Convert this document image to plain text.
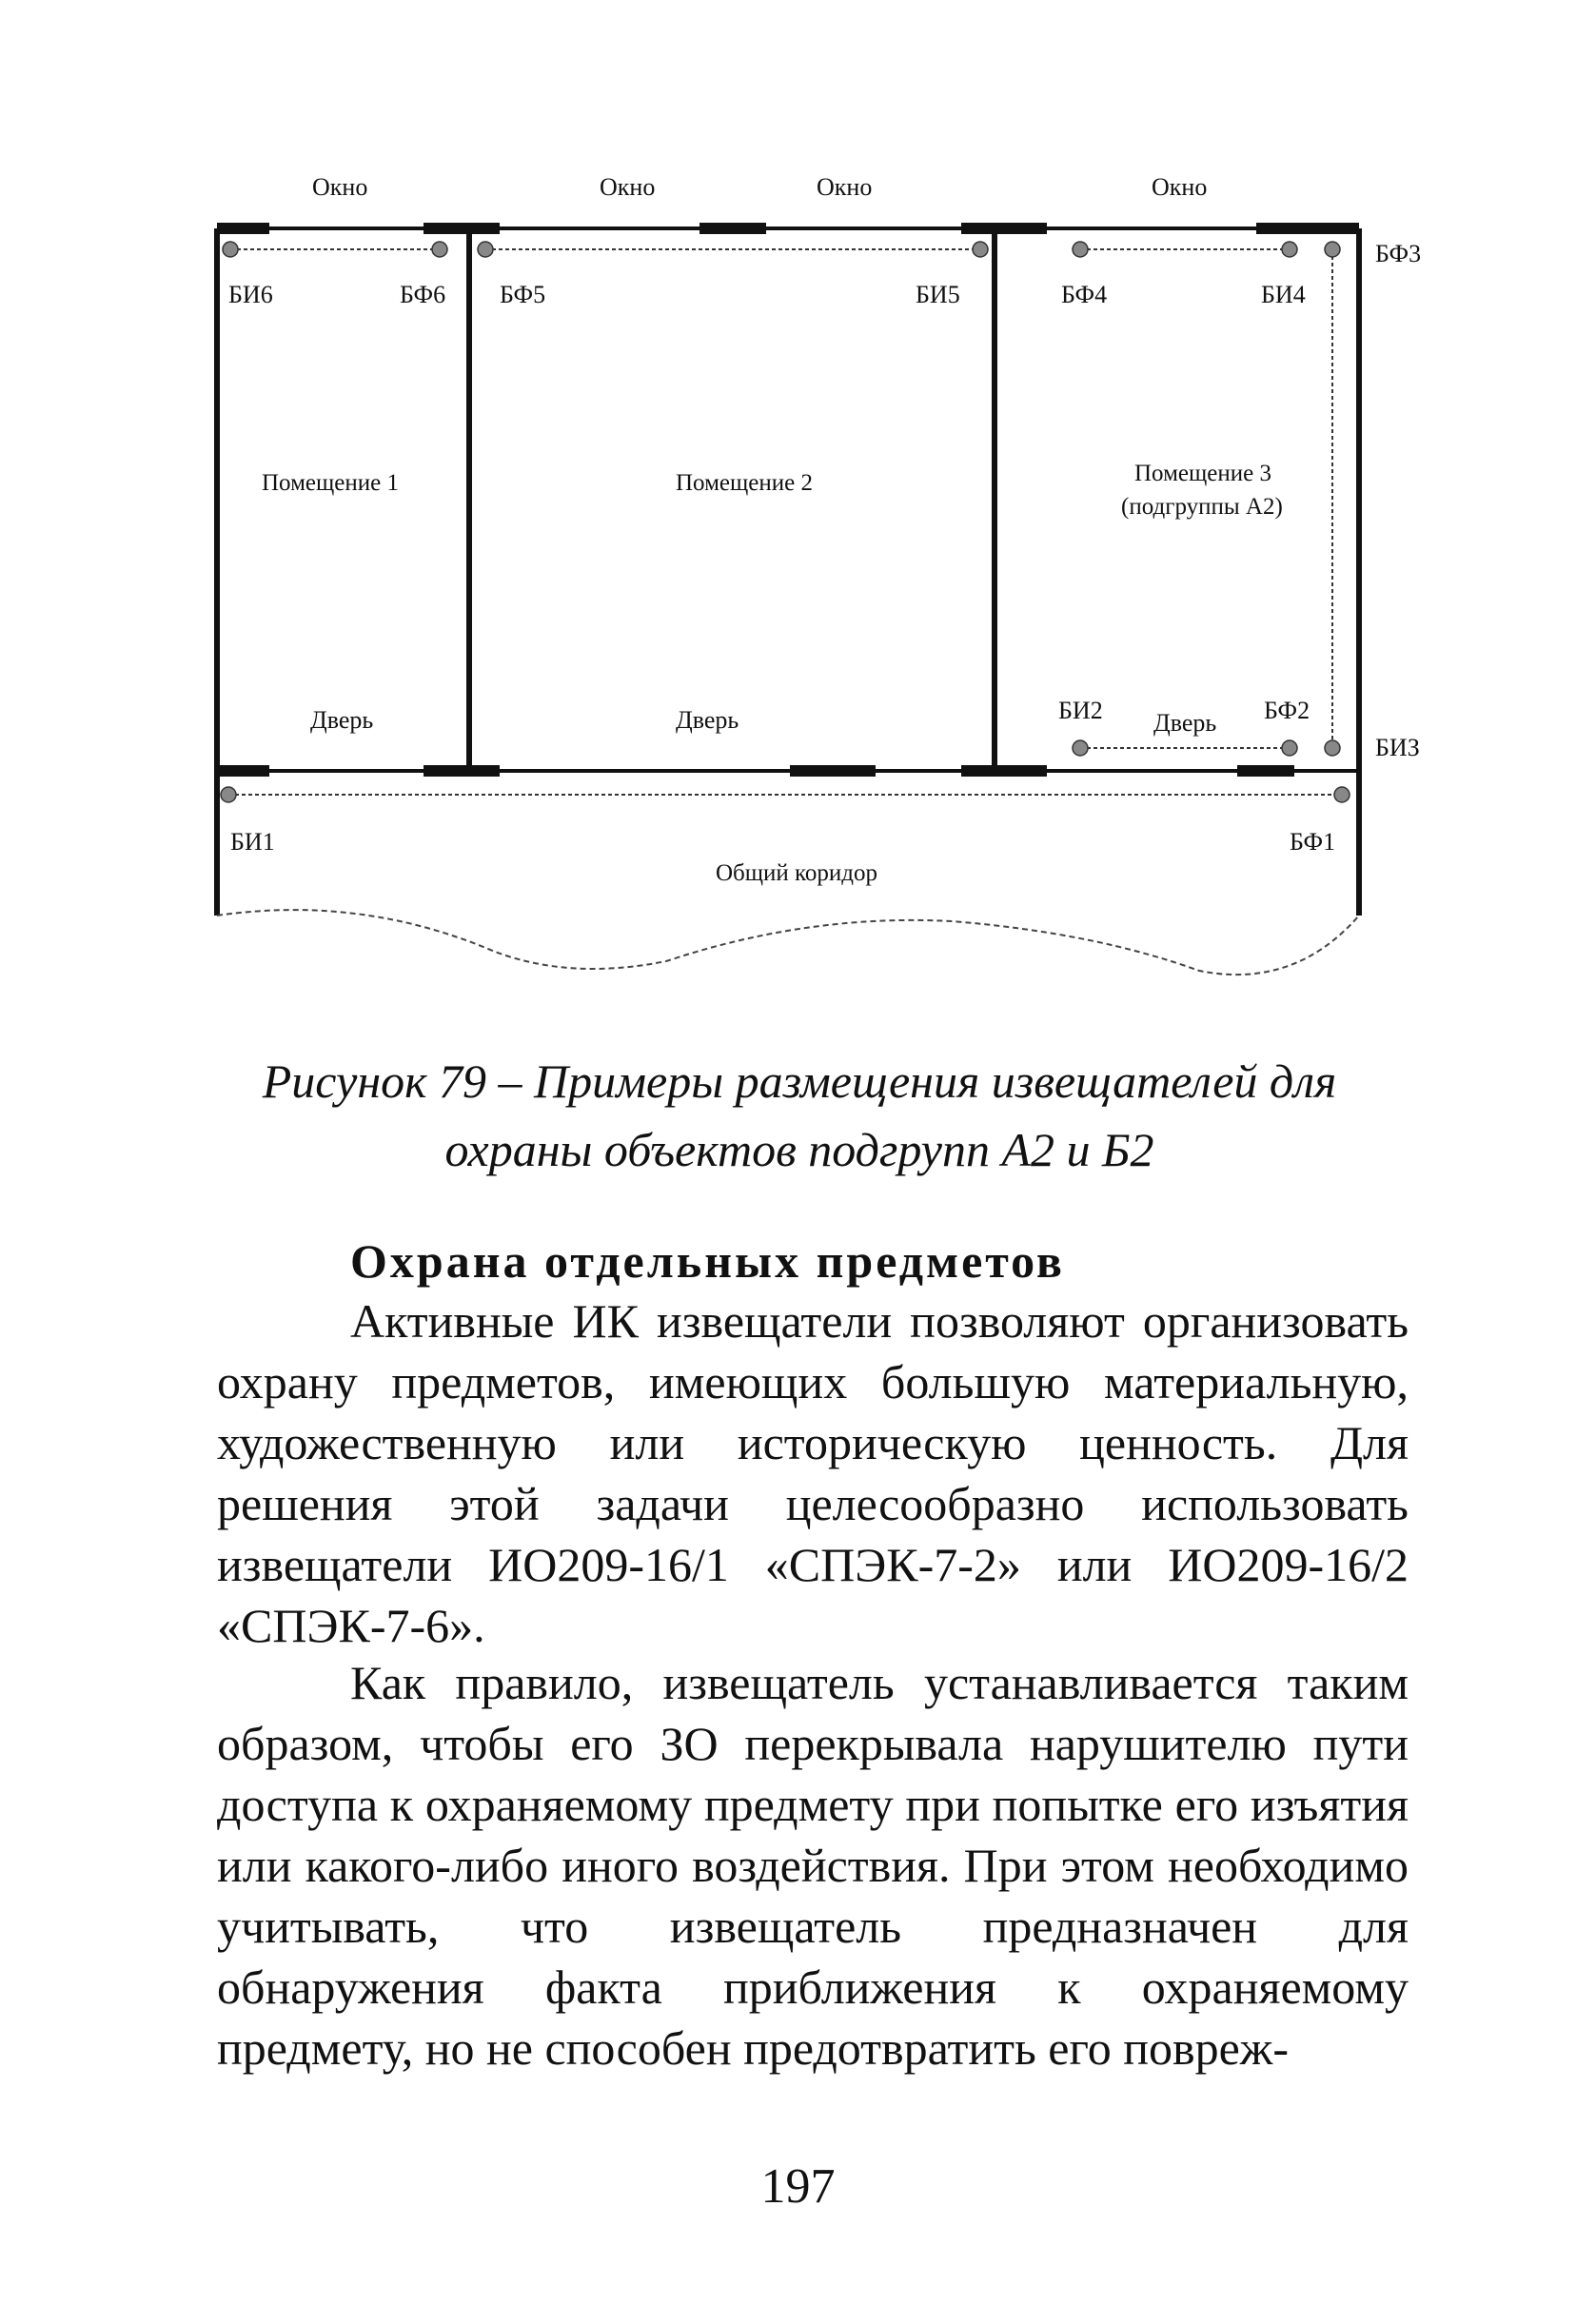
Окно	Окно	Окно	Окно
БИ6	БФ6 БФ5	БИ5	БФ4	БИ4
БФ3
БИ2	БФ2
БИЗ
БИ1	БФ1
Помещение 1	Помещение 2	Помещение 3
(подгруппы А2)
Общий коридор
Дверь	Дверь	Дверь
Рисунок 79 – Примеры размещения извещателей для
охраны объектов подгрупп А2 и Б2
Охрана отдельных предметов

Активные ИК извещатели позволяют организовать охрану предметов, имеющих большую материальную, художественную или историческую ценность. Для решения этой задачи целесообразно использовать извещатели ИО209-16/1 «СПЭК-7-2» или ИО209-16/2 «СПЭК-7-6».

Как правило, извещатель устанавливается таким образом, чтобы его ЗО перекрывала нарушителю пути доступа к охраняемому предмету при попытке его изъятия или какого-либо иного воздействия. При этом необходимо учитывать, что извещатель предназначен для обнаружения факта приближения к охраняемому предмету, но не способен предотвратить его повреж-

197
